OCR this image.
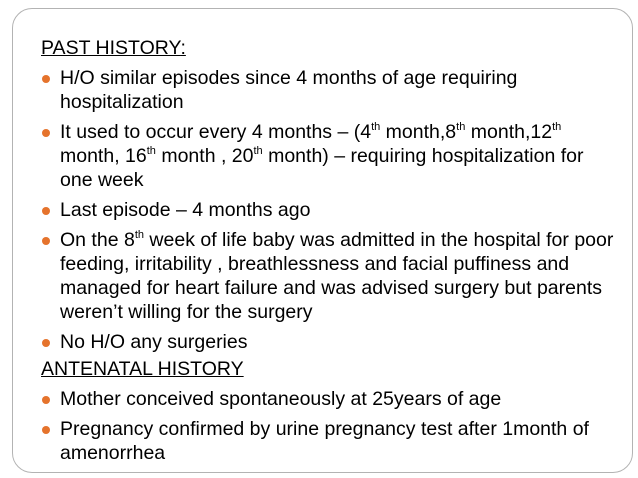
PAST HISTORY:
H/O similar episodes since 4 months of age requiring hospitalization
It used to occur every 4 months – (4th month,8th month,12th month, 16th month , 20th month) – requiring hospitalization for one week
Last episode – 4 months ago
On the 8th week of life baby was admitted in the hospital for poor feeding, irritability , breathlessness and facial puffiness and managed for heart failure and was advised surgery but parents weren’t willing for the surgery
No H/O any surgeries
ANTENATAL HISTORY
Mother conceived spontaneously at 25years of age
Pregnancy confirmed by urine pregnancy test after 1month of amenorrhea
